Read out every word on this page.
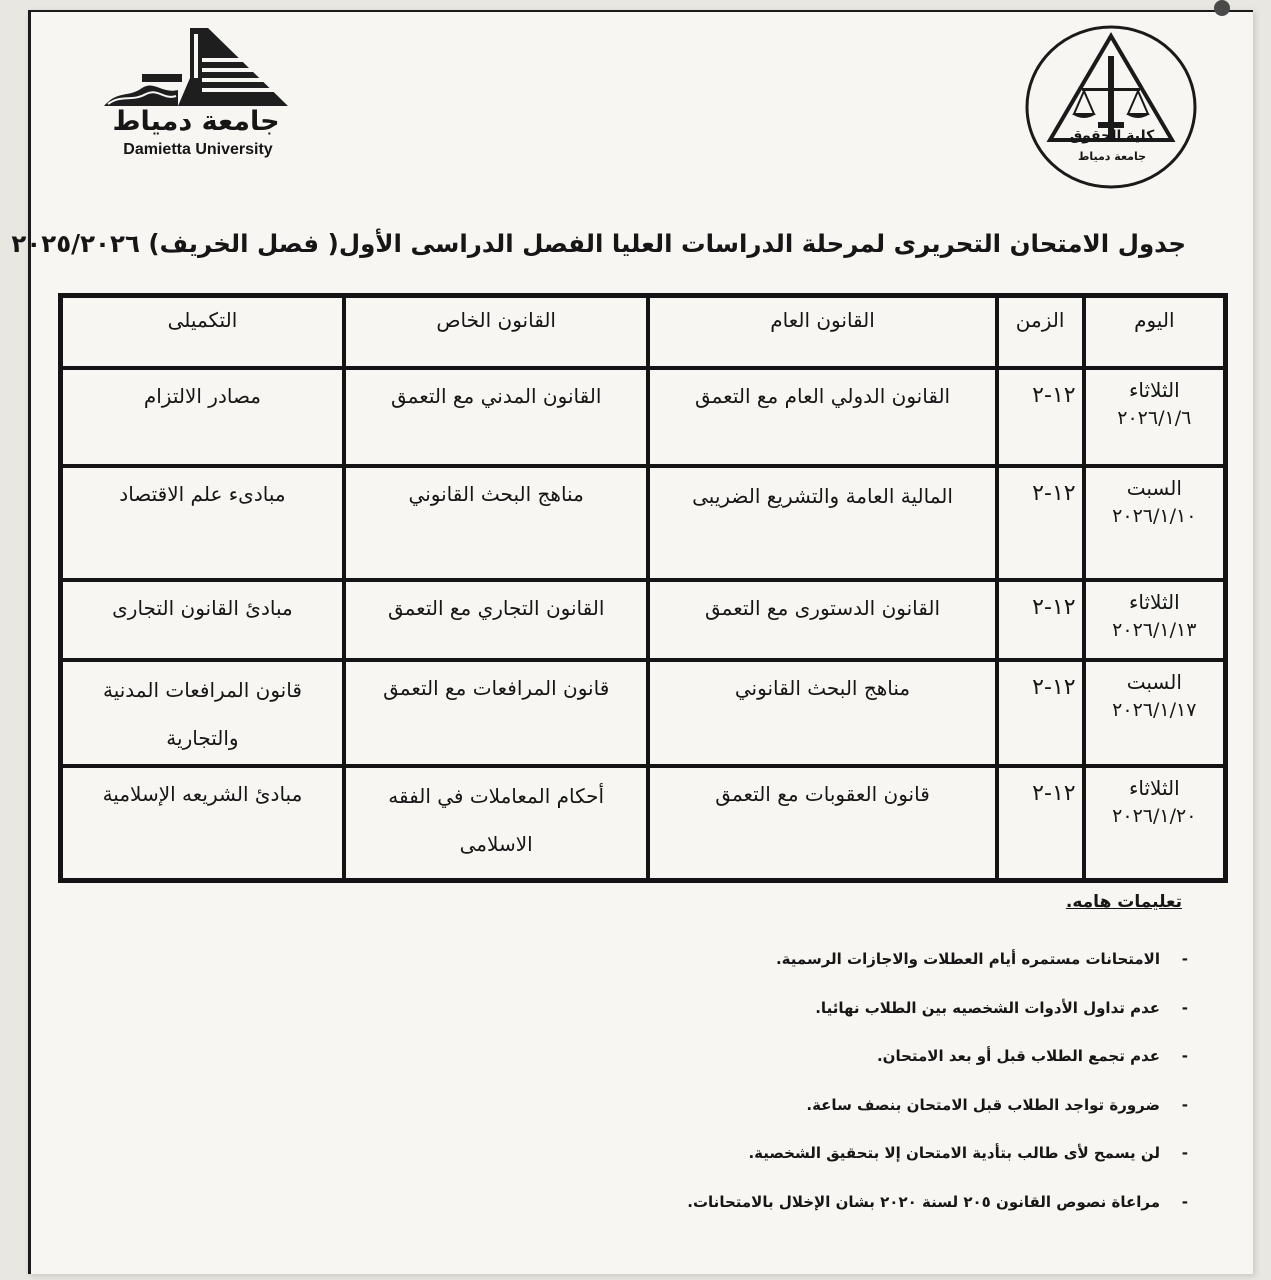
جامعة دمياط
Damietta University
كلية الحقوق
جامعة دمياط
جدول الامتحان التحريرى لمرحلة الدراسات العليا الفصل الدراسى الأول( فصل الخريف) ٢٠٢٥/٢٠٢٦
اليوم	الزمن	القانون العام	القانون الخاص	التكميلى

الثلاثاء
٢٠٢٦/١/٦	١٢-٢	القانون الدولي العام مع التعمق	القانون المدني مع التعمق	مصادر الالتزام

السبت
٢٠٢٦/١/١٠	١٢-٢	المالية العامة والتشريع الضريبى	مناهج البحث القانوني	مبادىء علم الاقتصاد

الثلاثاء
٢٠٢٦/١/١٣	١٢-٢	القانون الدستورى مع التعمق	القانون التجاري مع التعمق	مبادئ القانون التجارى

السبت
٢٠٢٦/١/١٧	١٢-٢	مناهج البحث القانوني	قانون المرافعات مع التعمق	قانون المرافعات المدنية والتجارية

الثلاثاء
٢٠٢٦/١/٢٠	١٢-٢	قانون العقوبات مع التعمق	أحكام المعاملات في الفقه الاسلامى	مبادئ الشريعه الإسلامية
تعليمات هامه.
-
الامتحانات مستمره أيام العطلات والاجازات الرسمية.
-
عدم تداول الأدوات الشخصيه بين الطلاب نهائيا.
-
عدم تجمع الطلاب قبل أو بعد الامتحان.
-
ضرورة تواجد الطلاب قبل الامتحان بنصف ساعة.
-
لن يسمح لأى طالب بتأدية الامتحان إلا بتحقيق الشخصية.
-
مراعاة نصوص القانون ٢٠٥ لسنة ٢٠٢٠ بشان الإخلال بالامتحانات.
